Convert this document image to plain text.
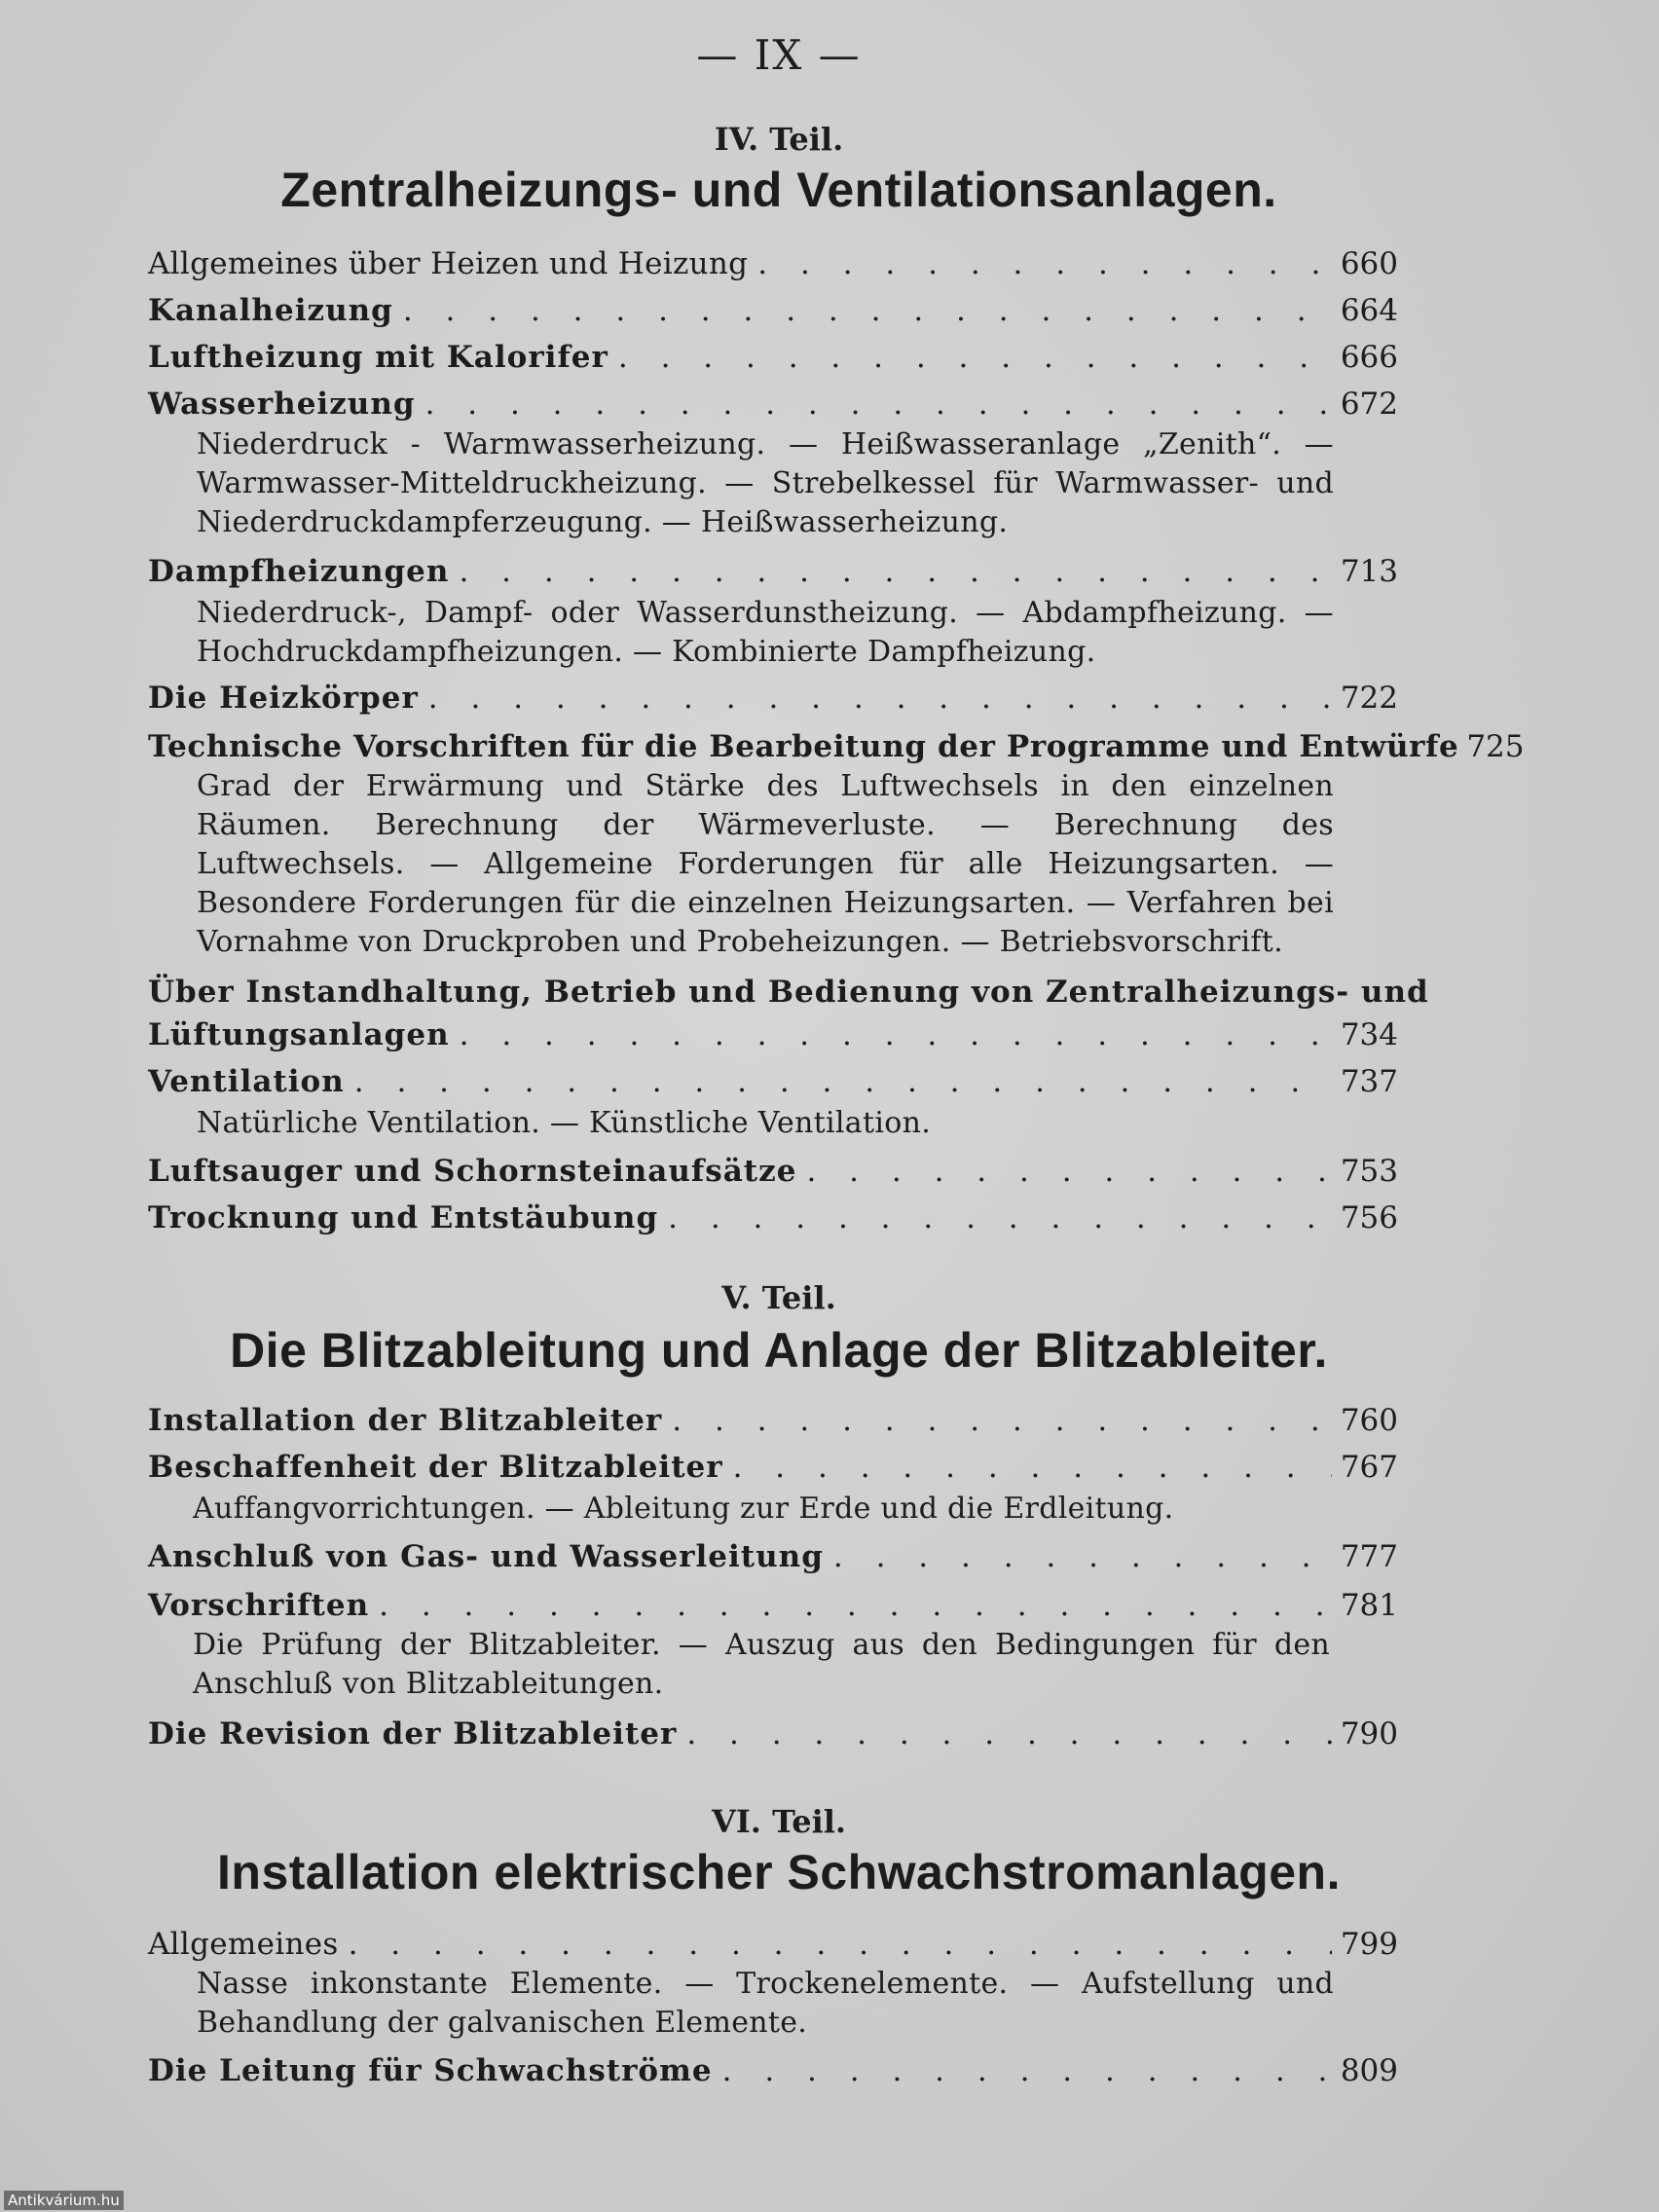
— IX —
IV. Teil.
Zentralheizungs- und Ventilationsanlagen.
Allgemeines über Heizen und Heizung . . .	660
Kanalheizung . . .	664
Luftheizung mit Kalorifer . . .	666
Wasserheizung . . .	672
Niederdruck - Warmwasserheizung. — Heißwasseranlage „Zenith“. — Warmwasser-Mitteldruckheizung. — Strebelkessel für Warmwasser- und Niederdruckdampferzeugung. — Heißwasserheizung.
Dampfheizungen . . .	713
Niederdruck-, Dampf- oder Wasserdunstheizung. — Abdampfheizung. — Hochdruckdampfheizungen. — Kombinierte Dampfheizung.
Die Heizkörper . . .	722
Technische Vorschriften für die Bearbeitung der Programme und Entwürfe 725
Grad der Erwärmung und Stärke des Luftwechsels in den einzelnen Räumen. Berechnung der Wärmeverluste. — Berechnung des Luftwechsels. — Allgemeine Forderungen für alle Heizungsarten. — Besondere Forderungen für die einzelnen Heizungsarten. — Verfahren bei Vornahme von Druckproben und Probeheizungen. — Betriebsvorschrift.
Über Instandhaltung, Betrieb und Bedienung von Zentralheizungs- und
Lüftungsanlagen . . .	734
Ventilation . . .	737
Natürliche Ventilation. — Künstliche Ventilation.
Luftsauger und Schornsteinaufsätze . . .	753
Trocknung und Entstäubung . . .	756
V. Teil.
Die Blitzableitung und Anlage der Blitzableiter.
Installation der Blitzableiter . . .	760
Beschaffenheit der Blitzableiter . . .	767
Auffangvorrichtungen. — Ableitung zur Erde und die Erdleitung.
Anschluß von Gas- und Wasserleitung . . .	777
Vorschriften . . .	781
Die Prüfung der Blitzableiter. — Auszug aus den Bedingungen für den Anschluß von Blitzableitungen.
Die Revision der Blitzableiter . . .	790
VI. Teil.
Installation elektrischer Schwachstromanlagen.
Allgemeines . . .	799
Nasse inkonstante Elemente. — Trockenelemente. — Aufstellung und Behandlung der galvanischen Elemente.
Die Leitung für Schwachströme . . .	809
Antikvárium.hu
